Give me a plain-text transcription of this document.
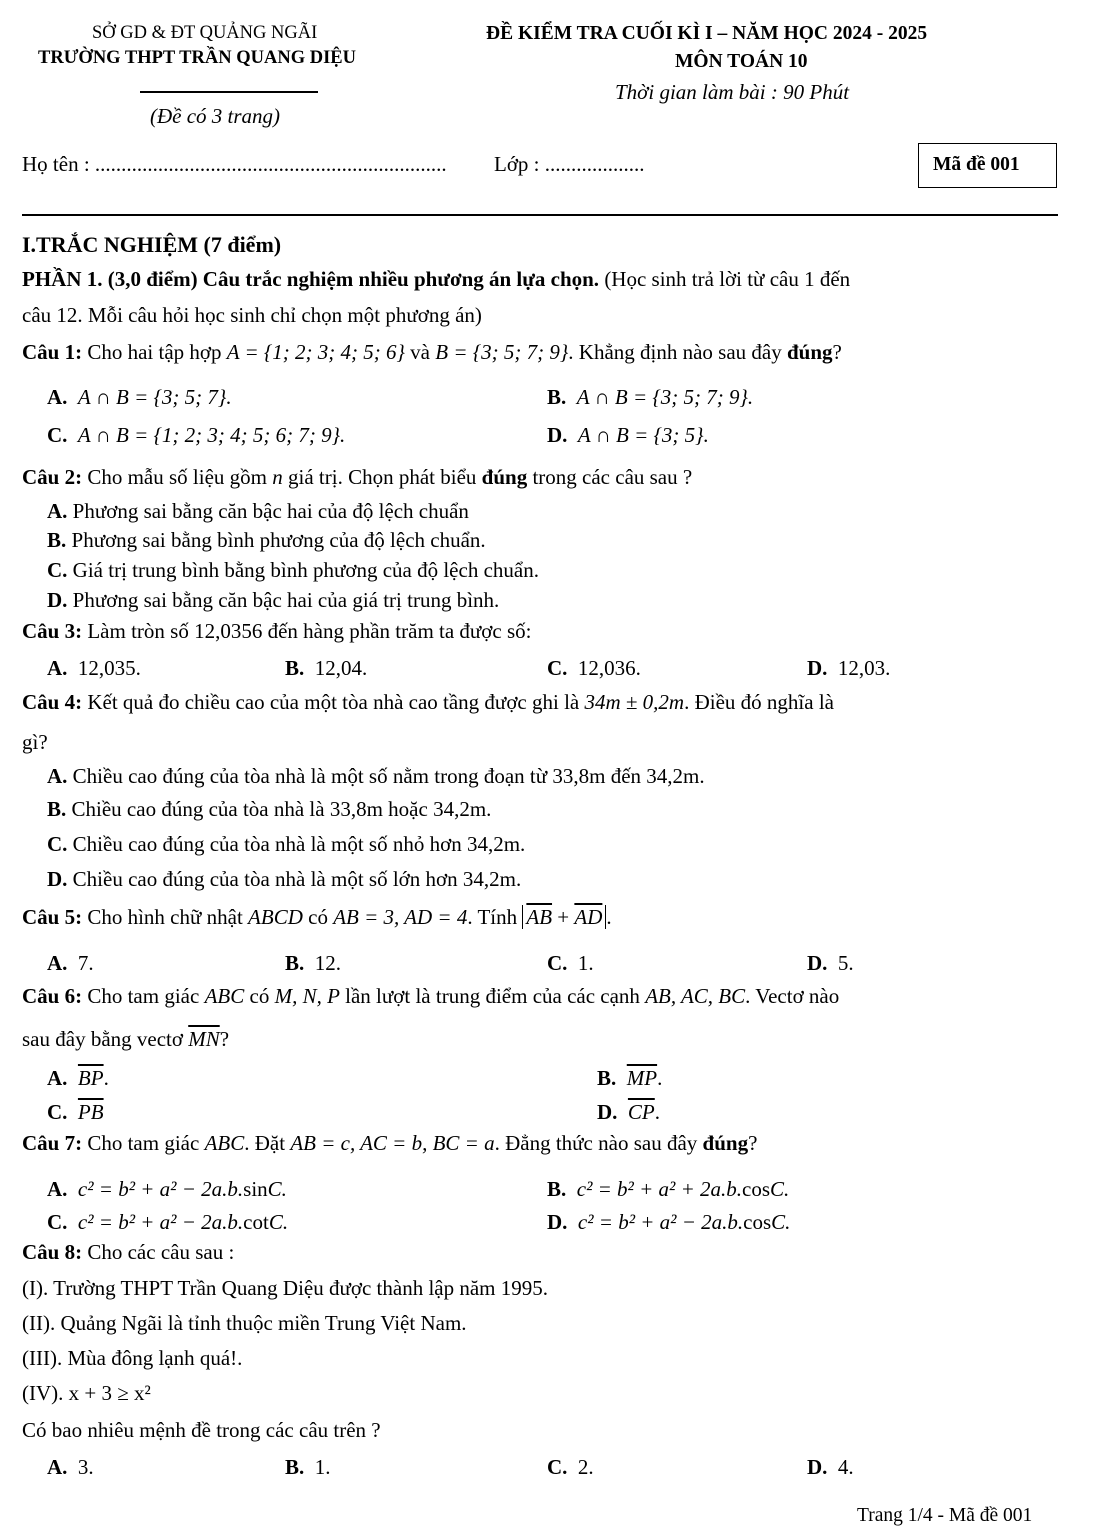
SỞ GD & ĐT QUẢNG NGÃI
TRƯỜNG THPT TRẦN QUANG DIỆU
(Đề có 3 trang)
ĐỀ KIỂM TRA CUỐI KÌ I – NĂM HỌC 2024 - 2025
MÔN TOÁN 10
Thời gian làm bài : 90 Phút
Họ tên : ...................................................................	Lớp : ...................	Mã đề 001
I.TRẮC NGHIỆM (7 điểm)
PHẦN 1. (3,0 điểm) Câu trắc nghiệm nhiều phương án lựa chọn. (Học sinh trả lời từ câu 1 đến
câu 12. Mỗi câu hỏi học sinh chỉ chọn một phương án)
Câu 1: Cho hai tập hợp A = {1; 2; 3; 4; 5; 6} và B = {3; 5; 7; 9}. Khẳng định nào sau đây đúng?
A. A ∩ B = {3; 5; 7}.	B. A ∩ B = {3; 5; 7; 9}.
C. A ∩ B = {1; 2; 3; 4; 5; 6; 7; 9}.	D. A ∩ B = {3; 5}.
Câu 2: Cho mẫu số liệu gồm n giá trị. Chọn phát biểu đúng trong các câu sau ?
A. Phương sai bằng căn bậc hai của độ lệch chuẩn
B. Phương sai bằng bình phương của độ lệch chuẩn.
C. Giá trị trung bình bằng bình phương của độ lệch chuẩn.
D. Phương sai bằng căn bậc hai của giá trị trung bình.
Câu 3: Làm tròn số 12,0356 đến hàng phần trăm ta được số:
A. 12,035.	B. 12,04.	C. 12,036.	D. 12,03.
Câu 4: Kết quả đo chiều cao của một tòa nhà cao tầng được ghi là 34m ± 0,2m. Điều đó nghĩa là
gì?
A. Chiều cao đúng của tòa nhà là một số nằm trong đoạn từ 33,8m đến 34,2m.
B. Chiều cao đúng của tòa nhà là 33,8m hoặc 34,2m.
C. Chiều cao đúng của tòa nhà là một số nhỏ hơn 34,2m.
D. Chiều cao đúng của tòa nhà là một số lớn hơn 34,2m.
Câu 5: Cho hình chữ nhật ABCD có AB = 3, AD = 4. Tính $\overline{AB} + \overline{AD}$ .
A. 7.	B. 12.	C. 1.	D. 5.
Câu 6: Cho tam giác ABC có M, N, P lần lượt là trung điểm của các cạnh AB, AC, BC. Vectơ nào
sau đây bằng vectơ $\overline{MN}$?
A. $\overline{BP}$.	B. $\overline{MP}$.
C. $\overline{PB}$	D. $\overline{CP}$.
Câu 7: Cho tam giác ABC. Đặt AB = c, AC = b, BC = a. Đẳng thức nào sau đây đúng?
A. c² = b² + a² − 2a.b.sinC.	B. c² = b² + a² + 2a.b.cosC.
C. c² = b² + a² − 2a.b.cotC.	D. c² = b² + a² − 2a.b.cosC.
Câu 8: Cho các câu sau :
(I). Trường THPT Trần Quang Diệu được thành lập năm 1995.
(II). Quảng Ngãi là tỉnh thuộc miền Trung Việt Nam.
(III). Mùa đông lạnh quá!.
(IV). x + 3 ≥ x²
Có bao nhiêu mệnh đề trong các câu trên ?
A. 3.	B. 1.	C. 2.	D. 4.
Trang 1/4 - Mã đề 001
